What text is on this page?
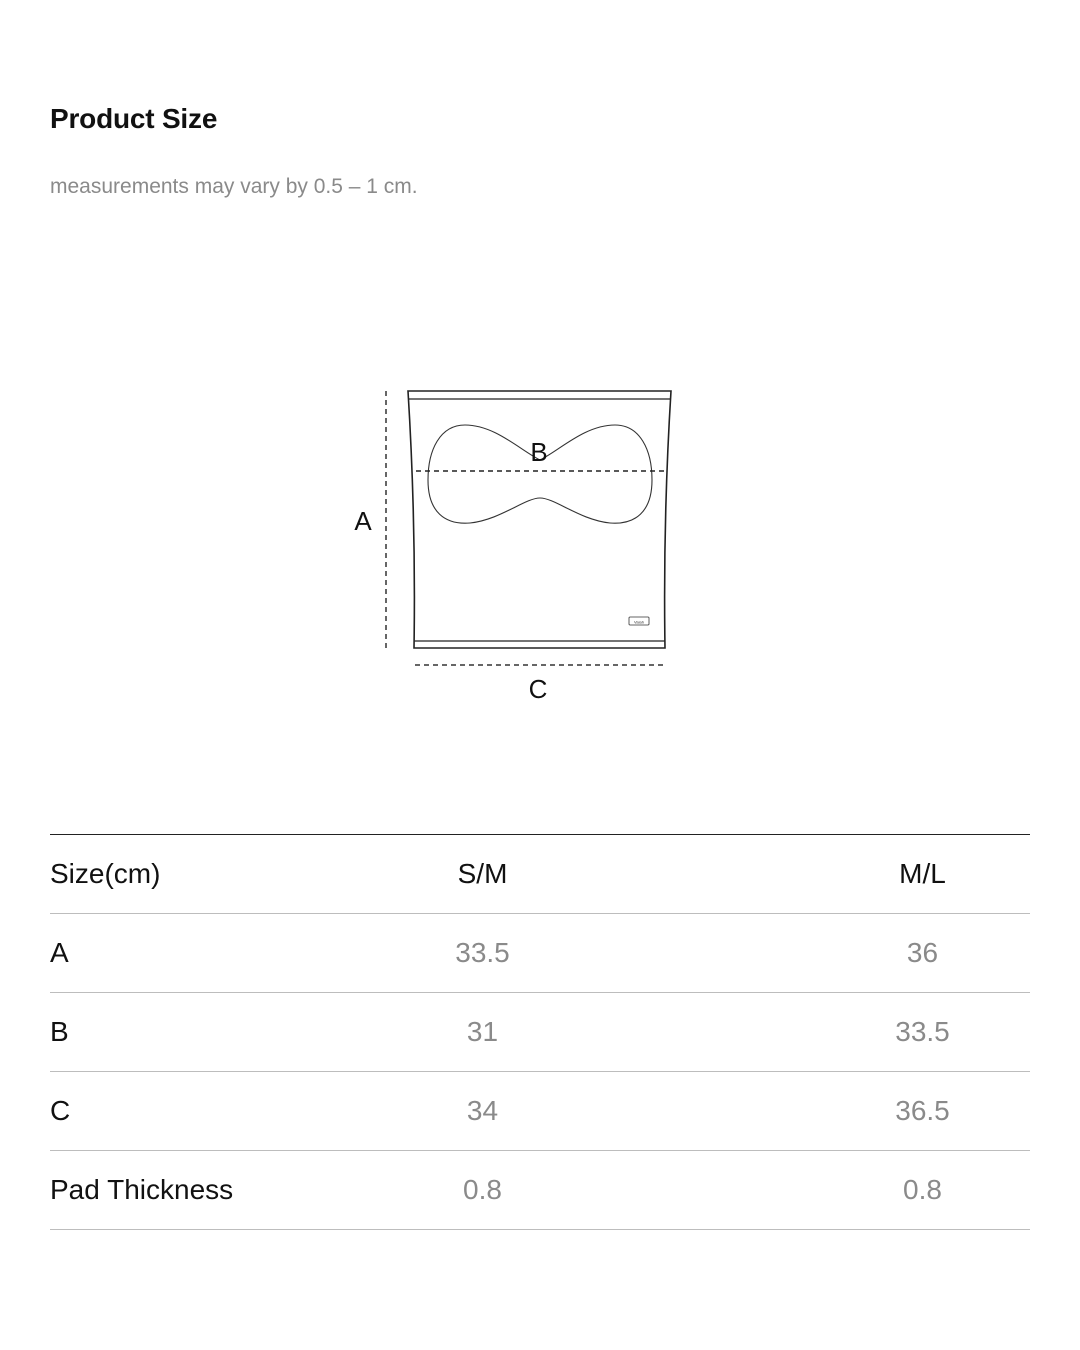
Product Size

measurements may vary by 0.5 – 1 cm.

Vaiah
A
B
C
Size(cm)	S/M	M/L
A	33.5	36
B	31	33.5
C	34	36.5
Pad Thickness	0.8	0.8
